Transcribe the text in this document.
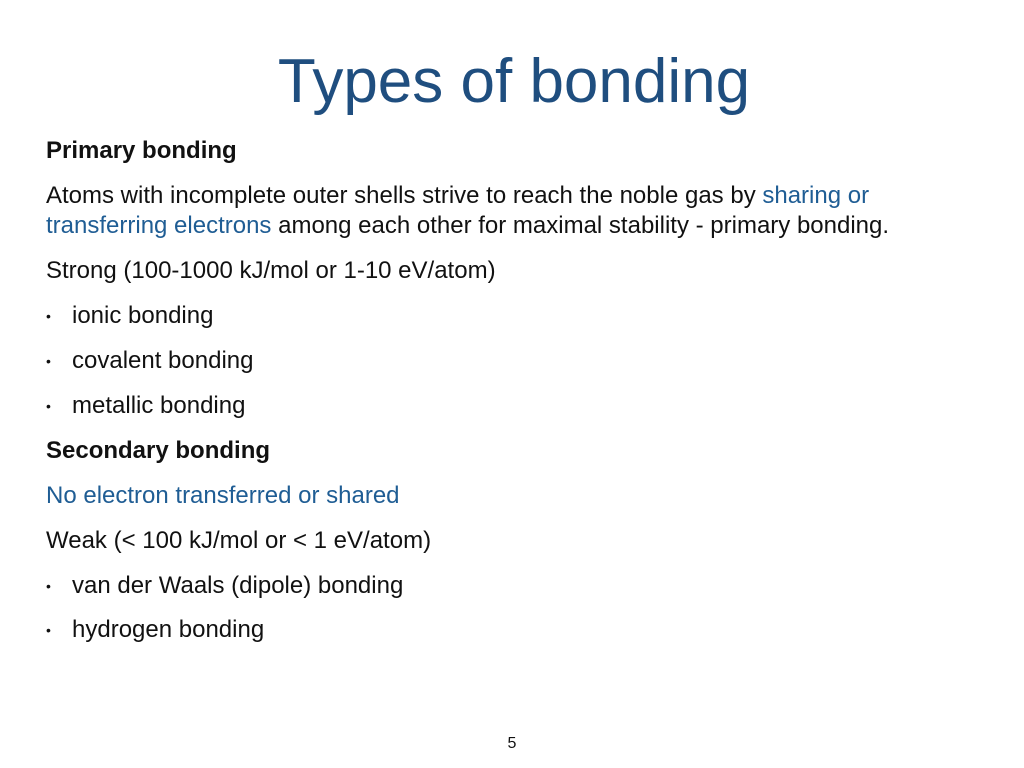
Types of bonding

Primary bonding

Atoms with incomplete outer shells strive to reach the noble gas by sharing or

transferring electrons among each other for maximal stability - primary bonding.

Strong (100-1000 kJ/mol or 1-10 eV/atom)

• ionic bonding
• covalent bonding
• metallic bonding

Secondary bonding

No electron transferred or shared

Weak (< 100 kJ/mol or < 1 eV/atom)

• van der Waals (dipole) bonding
• hydrogen bonding
5
